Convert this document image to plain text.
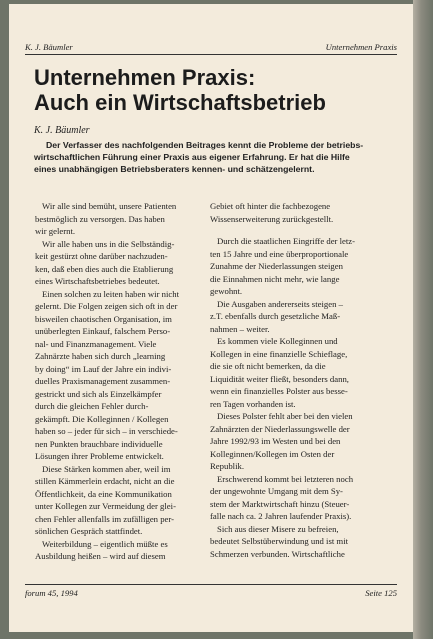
K. J. Bäumler	Unternehmen Praxis
Unternehmen Praxis:
Auch ein Wirtschaftsbetrieb
K. J. Bäumler
Der Verfasser des nachfolgenden Beitrages kennt die Probleme der betriebs-
wirtschaftlichen Führung einer Praxis aus eigener Erfahrung. Er hat die Hilfe
eines unabhängigen Betriebsberaters kennen- und schätzengelernt.
Wir alle sind bemüht, unsere Patienten
bestmöglich zu versorgen. Das haben
wir gelernt.
Wir alle haben uns in die Selbständig-
keit gestürzt ohne darüber nachzuden-
ken, daß eben dies auch die Etablierung
eines Wirtschaftsbetriebes bedeutet.
Einen solchen zu leiten haben wir nicht
gelernt. Die Folgen zeigen sich oft in der
bisweilen chaotischen Organisation, im
unüberlegten Einkauf, falschem Perso-
nal- und Finanzmanagement. Viele
Zahnärzte haben sich durch „learning
by doing“ im Lauf der Jahre ein indivi-
duelles Praxismanagement zusammen-
gestrickt und sich als Einzelkämpfer
durch die gleichen Fehler durch-
gekämpft. Die Kolleginnen / Kollegen
haben so – jeder für sich – in verschiede-
nen Punkten brauchbare individuelle
Lösungen ihrer Probleme entwickelt.
Diese Stärken kommen aber, weil im
stillen Kämmerlein erdacht, nicht an die
Öffentlichkeit, da eine Kommunikation
unter Kollegen zur Vermeidung der glei-
chen Fehler allenfalls im zufälligen per-
sönlichen Gespräch stattfindet.
Weiterbildung – eigentlich müßte es
Ausbildung heißen – wird auf diesem
Gebiet oft hinter die fachbezogene
Wissenserweiterung zurückgestellt.
Durch die staatlichen Eingriffe der letz-
ten 15 Jahre und eine überproportionale
Zunahme der Niederlassungen steigen
die Einnahmen nicht mehr, wie lange
gewohnt.
Die Ausgaben andererseits steigen –
z.T. ebenfalls durch gesetzliche Maß-
nahmen – weiter.
Es kommen viele Kolleginnen und
Kollegen in eine finanzielle Schieflage,
die sie oft nicht bemerken, da die
Liquidität weiter fließt, besonders dann,
wenn ein finanzielles Polster aus besse-
ren Tagen vorhanden ist.
Dieses Polster fehlt aber bei den vielen
Zahnärzten der Niederlassungswelle der
Jahre 1992/93 im Westen und bei den
Kolleginnen/Kollegen im Osten der
Republik.
Erschwerend kommt bei letzteren noch
der ungewohnte Umgang mit dem Sy-
stem der Marktwirtschaft hinzu (Steuer-
falle nach ca. 2 Jahren laufender Praxis).
Sich aus dieser Misere zu befreien,
bedeutet Selbstüberwindung und ist mit
Schmerzen verbunden. Wirtschaftliche
forum 45, 1994	Seite 125
